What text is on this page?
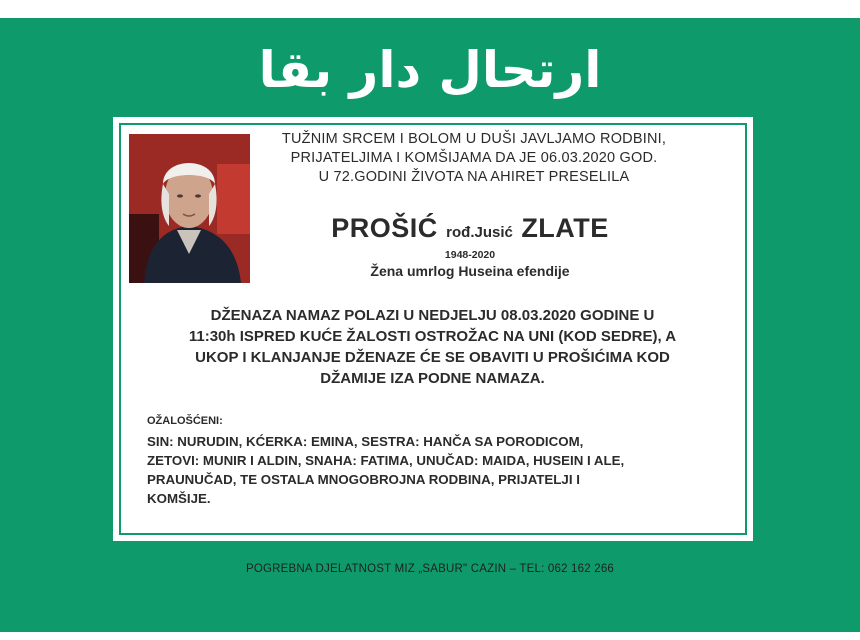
ارتحال دار بقا
TUŽNIM SRCEM I BOLOM U DUŠI JAVLJAMO RODBINI,
PRIJATELJIMA I KOMŠIJAMA DA JE 06.03.2020 GOD.
U 72.GODINI ŽIVOTA NA AHIRET PRESELILA
PROŠIĆ rođ.Jusić ZLATE
1948-2020
Žena umrlog Huseina efendije
DŽENAZA NAMAZ POLAZI U NEDJELJU 08.03.2020 GODINE U
11:30h ISPRED KUĆE ŽALOSTI OSTROŽAC NA UNI (KOD SEDRE), A
UKOP I KLANJANJE DŽENAZE ĆE SE OBAVITI U PROŠIĆIMA KOD
DŽAMIJE IZA PODNE NAMAZA.
OŽALOŠĆENI:
SIN: NURUDIN, KĆERKA: EMINA, SESTRA: HANČA SA PORODICOM,
ZETOVI: MUNIR I ALDIN, SNAHA: FATIMA, UNUČAD: MAIDA, HUSEIN I ALE,
PRAUNUČAD, TE OSTALA MNOGOBROJNA RODBINA, PRIJATELJI I
KOMŠIJE.
POGREBNA DJELATNOST MIZ „SABUR" CAZIN – TEL: 062 162 266
